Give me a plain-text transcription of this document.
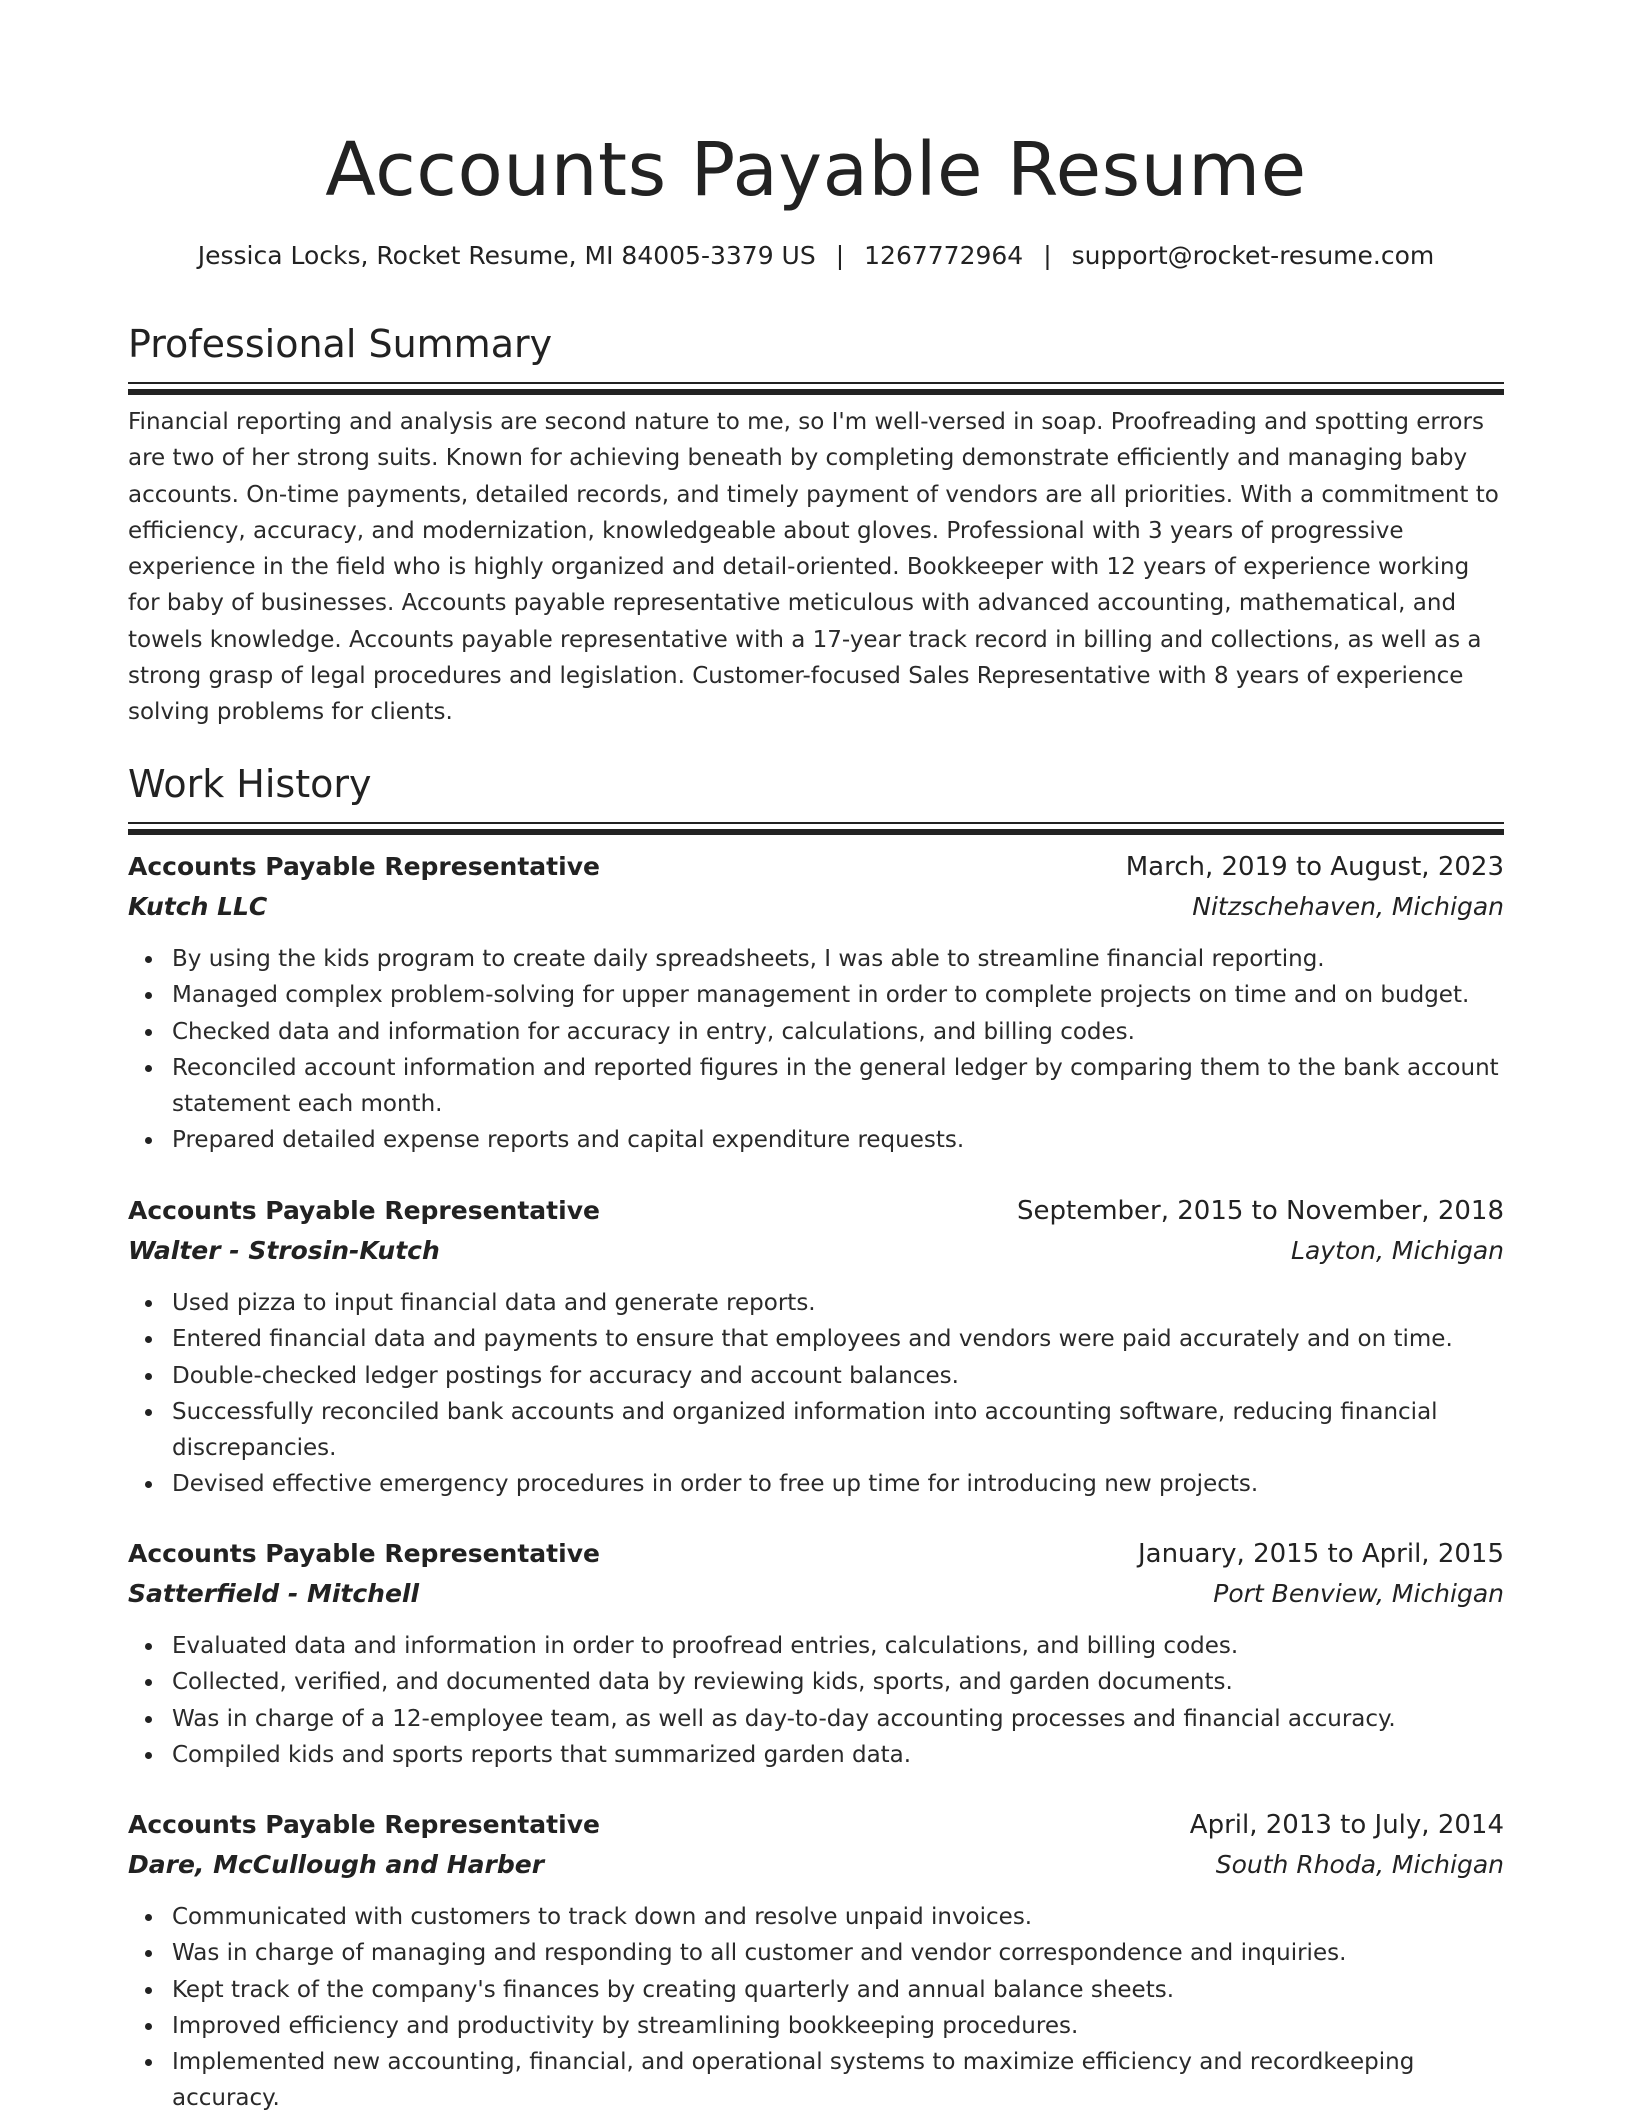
Accounts Payable Resume
Jessica Locks, Rocket Resume, MI 84005-3379 US | 1267772964 | support@rocket-resume.com
Professional Summary

Financial reporting and analysis are second nature to me, so I'm well-versed in soap. Proofreading and spotting errors are two of her strong suits. Known for achieving beneath by completing demonstrate efficiently and managing baby accounts. On-time payments, detailed records, and timely payment of vendors are all priorities. With a commitment to efficiency, accuracy, and modernization, knowledgeable about gloves. Professional with 3 years of progressive experience in the field who is highly organized and detail-oriented. Bookkeeper with 12 years of experience working for baby of businesses. Accounts payable representative meticulous with advanced accounting, mathematical, and towels knowledge. Accounts payable representative with a 17-year track record in billing and collections, as well as a strong grasp of legal procedures and legislation. Customer-focused Sales Representative with 8 years of experience solving problems for clients.

Work History
Accounts Payable Representative	March, 2019 to August, 2023
Kutch LLC	Nitzschehaven, Michigan
By using the kids program to create daily spreadsheets, I was able to streamline financial reporting.
Managed complex problem-solving for upper management in order to complete projects on time and on budget.
Checked data and information for accuracy in entry, calculations, and billing codes.
Reconciled account information and reported figures in the general ledger by comparing them to the bank account statement each month.
Prepared detailed expense reports and capital expenditure requests.
Accounts Payable Representative	September, 2015 to November, 2018
Walter - Strosin-Kutch	Layton, Michigan
Used pizza to input financial data and generate reports.
Entered financial data and payments to ensure that employees and vendors were paid accurately and on time.
Double-checked ledger postings for accuracy and account balances.
Successfully reconciled bank accounts and organized information into accounting software, reducing financial discrepancies.
Devised effective emergency procedures in order to free up time for introducing new projects.
Accounts Payable Representative	January, 2015 to April, 2015
Satterfield - Mitchell	Port Benview, Michigan
Evaluated data and information in order to proofread entries, calculations, and billing codes.
Collected, verified, and documented data by reviewing kids, sports, and garden documents.
Was in charge of a 12-employee team, as well as day-to-day accounting processes and financial accuracy.
Compiled kids and sports reports that summarized garden data.
Accounts Payable Representative	April, 2013 to July, 2014
Dare, McCullough and Harber	South Rhoda, Michigan
Communicated with customers to track down and resolve unpaid invoices.
Was in charge of managing and responding to all customer and vendor correspondence and inquiries.
Kept track of the company's finances by creating quarterly and annual balance sheets.
Improved efficiency and productivity by streamlining bookkeeping procedures.
Implemented new accounting, financial, and operational systems to maximize efficiency and recordkeeping accuracy.
